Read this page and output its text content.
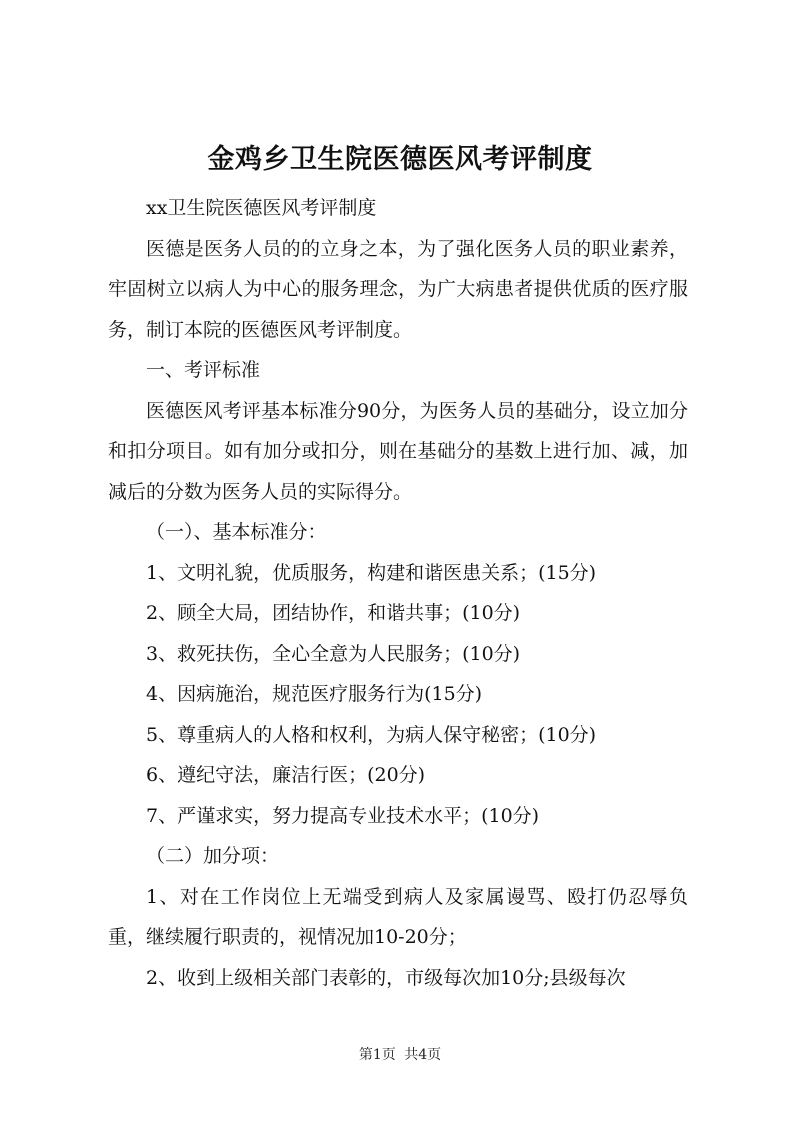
金鸡乡卫生院医德医风考评制度

xx卫生院医德医风考评制度

医德是医务人员的的立身之本，为了强化医务人员的职业素养，牢固树立以病人为中心的服务理念，为广大病患者提供优质的医疗服务，制订本院的医德医风考评制度。

一、考评标准

医德医风考评基本标准分90分，为医务人员的基础分，设立加分和扣分项目。如有加分或扣分，则在基础分的基数上进行加、减，加减后的分数为医务人员的实际得分。

（一）、基本标准分：

1、文明礼貌，优质服务，构建和谐医患关系；(15分)

2、顾全大局，团结协作，和谐共事；(10分)

3、救死扶伤，全心全意为人民服务；(10分)

4、因病施治，规范医疗服务行为(15分)

5、尊重病人的人格和权利，为病人保守秘密；(10分)

6、遵纪守法，廉洁行医；(20分)

7、严谨求实，努力提高专业技术水平；(10分)

（二）加分项：

1、对在工作岗位上无端受到病人及家属谩骂、殴打仍忍辱负重，继续履行职责的，视情况加10-20分；

2、收到上级相关部门表彰的，市级每次加10分;县级每次

第1页 共4页
